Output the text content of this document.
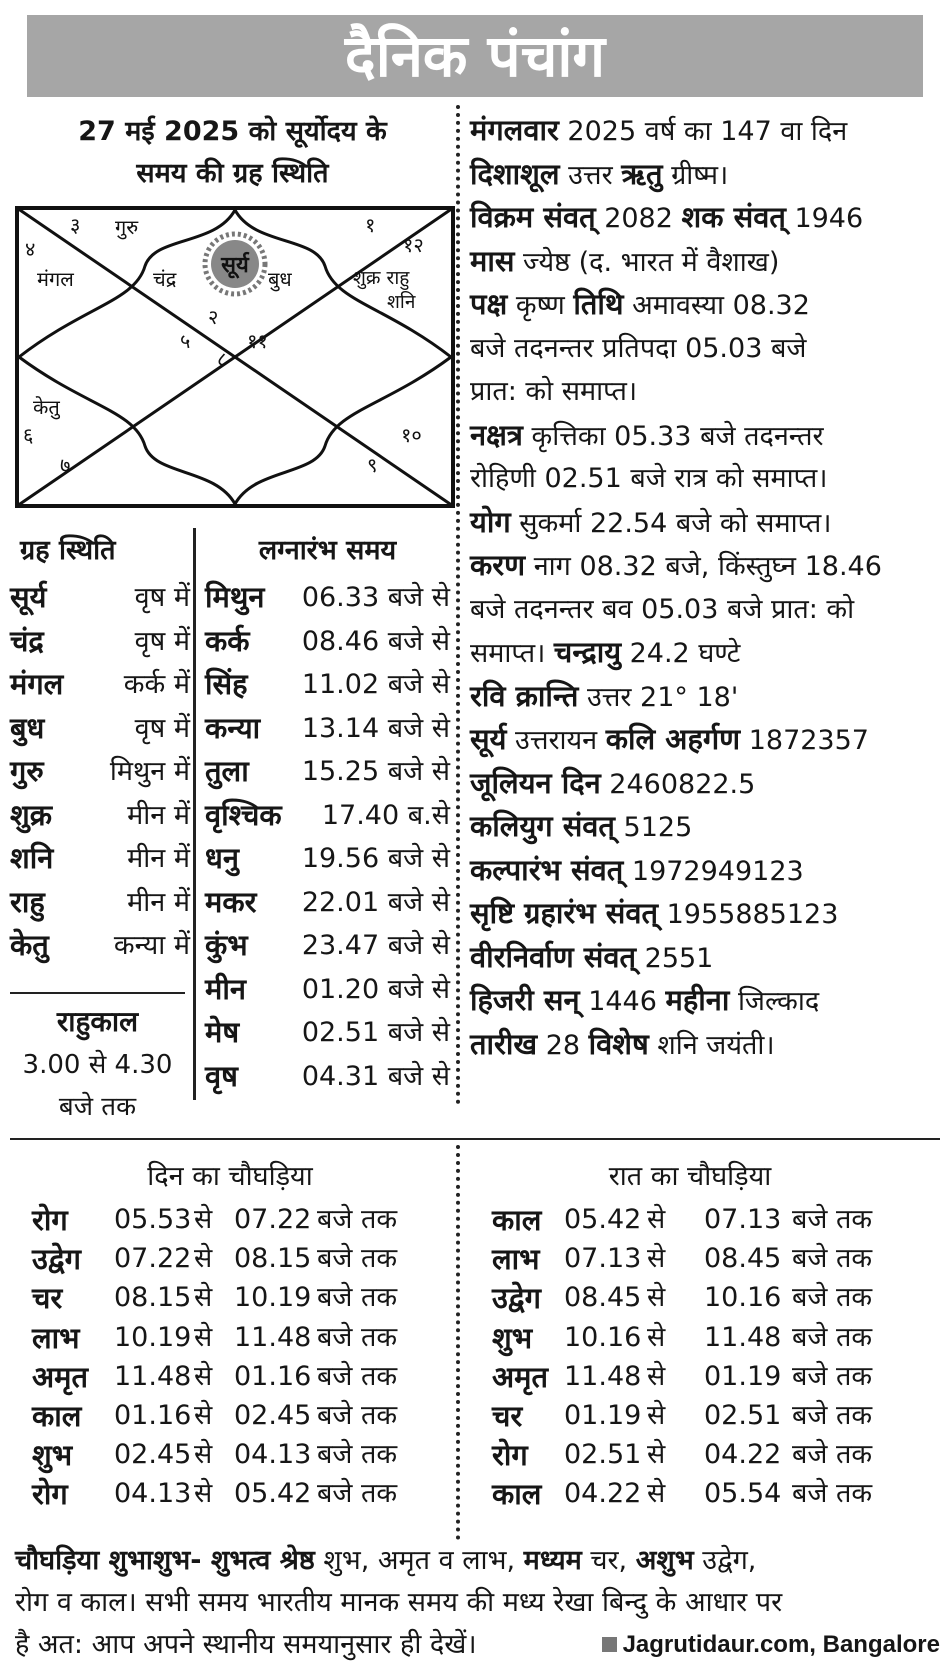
दैनिक पंचांग
27 मई 2025 को सूर्योदय के
समय की ग्रह स्थिति
सूर्य
३ गुरु	१
४	१२
मंगल	चंद्र	बुध	शुक्र राहु
शनि
२
५	११
८
केतु
६	१०
७	९
ग्रह स्थिति
सूर्य	वृष में
चंद्र	वृष में
मंगल कर्क में
बुध	वृष में
गुरु मिथुन में
शुक्र	मीन में
शनि	मीन में
राहु	मीन में
केतु कन्या में
राहुकाल
3.00 से 4.30
बजे तक
लग्नारंभ समय
मिथुन 06.33 बजे से
कर्क 08.46 बजे से
सिंह 11.02 बजे से
कन्या 13.14 बजे से
तुला 15.25 बजे से
वृश्चिक 17.40 ब.से
धनु 19.56 बजे से
मकर 22.01 बजे से
कुंभ 23.47 बजे से
मीन 01.20 बजे से
मेष 02.51 बजे से
वृष 04.31 बजे से
मंगलवार 2025 वर्ष का 147 वा दिन
दिशाशूल उत्तर ऋतु ग्रीष्म।
विक्रम संवत् 2082 शक संवत् 1946
मास ज्येष्ठ (द. भारत में वैशाख)
पक्ष कृष्ण तिथि अमावस्या 08.32
बजे तदनन्तर प्रतिपदा 05.03 बजे
प्रात: को समाप्त।
नक्षत्र कृत्तिका 05.33 बजे तदनन्तर
रोहिणी 02.51 बजे रात्र को समाप्त।
योग सुकर्मा 22.54 बजे को समाप्त।
करण नाग 08.32 बजे, किंस्तुघ्न 18.46
बजे तदनन्तर बव 05.03 बजे प्रात: को
समाप्त। चन्द्रायु 24.2 घण्टे
रवि क्रान्ति उत्तर 21° 18'
सूर्य उत्तरायन कलि अहर्गण 1872357
जूलियन दिन 2460822.5
कलियुग संवत् 5125
कल्पारंभ संवत् 1972949123
सृष्टि ग्रहारंभ संवत् 1955885123
वीरनिर्वाण संवत् 2551
हिजरी सन् 1446 महीना जिल्काद
तारीख 28 विशेष शनि जयंती।
दिन का चौघड़िया
रोग 05.53 से 07.22 बजे तक
उद्वेग 07.22 से 08.15 बजे तक
चर 08.15 से 10.19 बजे तक
लाभ 10.19 से 11.48 बजे तक
अमृत 11.48 से 01.16 बजे तक
काल 01.16 से 02.45 बजे तक
शुभ 02.45 से 04.13 बजे तक
रोग 04.13 से 05.42 बजे तक
रात का चौघड़िया
काल 05.42 से 07.13 बजे तक
लाभ 07.13 से 08.45 बजे तक
उद्वेग 08.45 से 10.16 बजे तक
शुभ 10.16 से 11.48 बजे तक
अमृत 11.48 से 01.19 बजे तक
चर 01.19 से 02.51 बजे तक
रोग 02.51 से 04.22 बजे तक
काल 04.22 से 05.54 बजे तक
चौघड़िया शुभाशुभ- शुभत्व श्रेष्ठ शुभ, अमृत व लाभ, मध्यम चर, अशुभ उद्वेग,
रोग व काल। सभी समय भारतीय मानक समय की मध्य रेखा बिन्दु के आधार पर
है अत: आप अपने स्थानीय समयानुसार ही देखें।	Jagrutidaur.com, Bangalore
